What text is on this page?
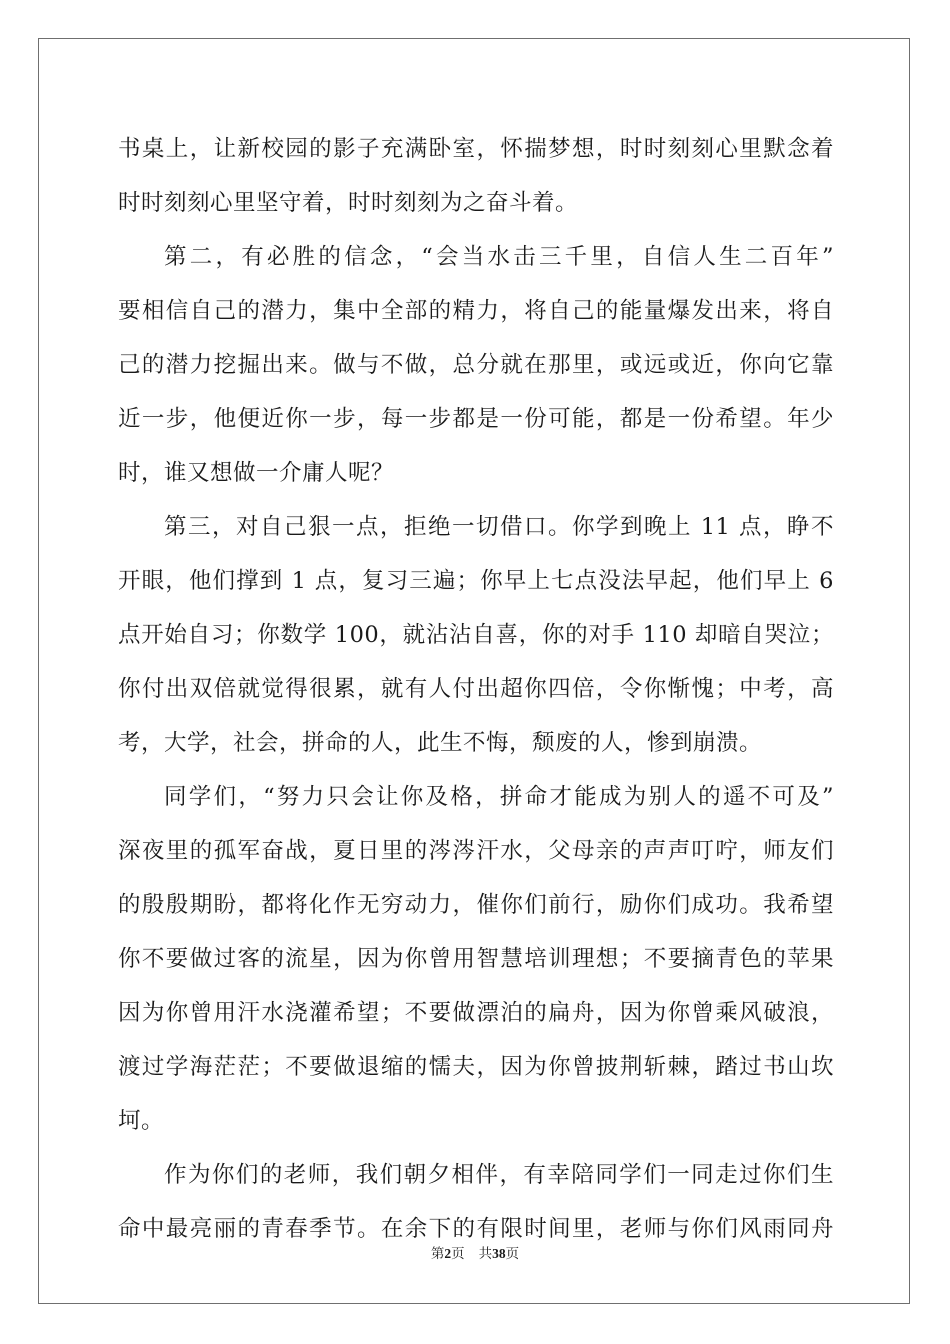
书桌上，让新校园的影子充满卧室，怀揣梦想，时时刻刻心里默念着
时时刻刻心里坚守着，时时刻刻为之奋斗着。
第二，有必胜的信念，“会当水击三千里，自信人生二百年”
要相信自己的潜力，集中全部的精力，将自己的能量爆发出来，将自
己的潜力挖掘出来。做与不做，总分就在那里，或远或近，你向它靠
近一步，他便近你一步，每一步都是一份可能，都是一份希望。年少
时，谁又想做一介庸人呢？
第三，对自己狠一点，拒绝一切借口。你学到晚上 11 点，睁不
开眼，他们撑到 1 点，复习三遍；你早上七点没法早起，他们早上 6
点开始自习；你数学 100，就沾沾自喜，你的对手 110 却暗自哭泣；
你付出双倍就觉得很累，就有人付出超你四倍，令你惭愧；中考，高
考，大学，社会，拼命的人，此生不悔，颓废的人，惨到崩溃。
同学们，“努力只会让你及格，拼命才能成为别人的遥不可及”
深夜里的孤军奋战，夏日里的涔涔汗水，父母亲的声声叮咛，师友们
的殷殷期盼，都将化作无穷动力，催你们前行，励你们成功。我希望
你不要做过客的流星，因为你曾用智慧培训理想；不要摘青色的苹果
因为你曾用汗水浇灌希望；不要做漂泊的扁舟，因为你曾乘风破浪，
渡过学海茫茫；不要做退缩的懦夫，因为你曾披荆斩棘，踏过书山坎
坷。
作为你们的老师，我们朝夕相伴，有幸陪同学们一同走过你们生
命中最亮丽的青春季节。在余下的有限时间里，老师与你们风雨同舟
第2页 共38页
